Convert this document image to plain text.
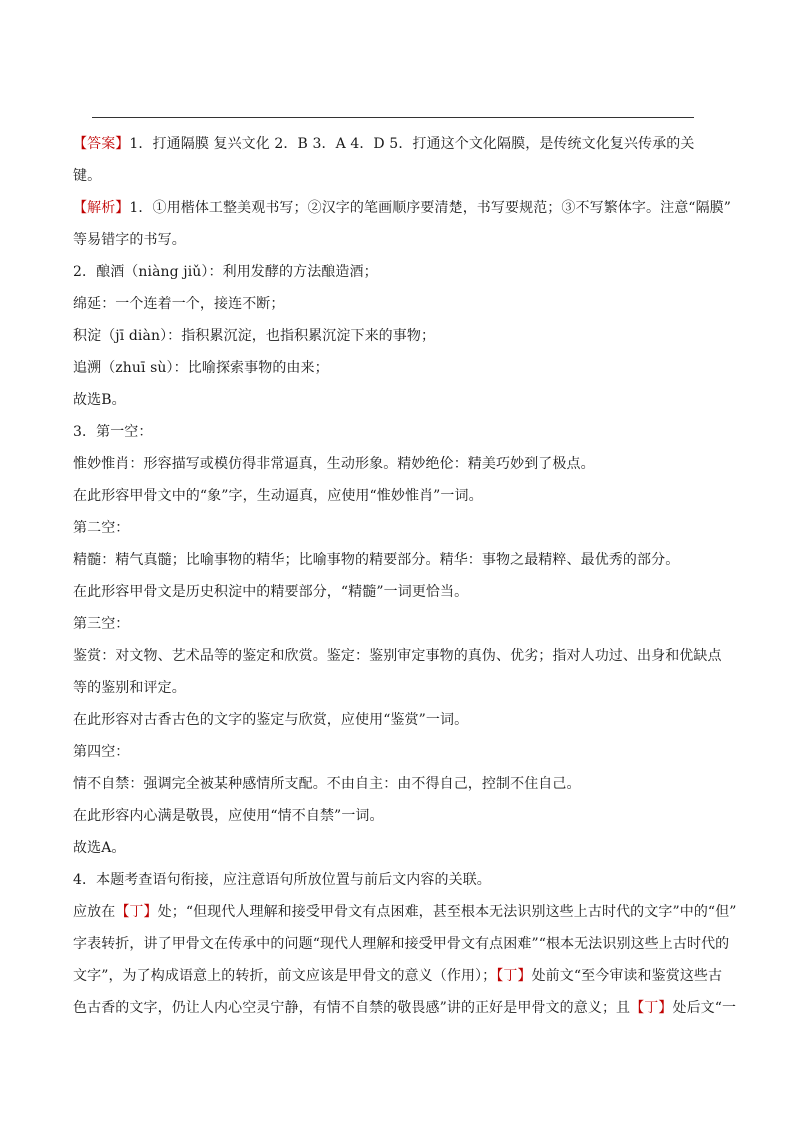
【答案】1．打通隔膜 复兴文化 2．B 3．A 4．D 5．打通这个文化隔膜，是传统文化复兴传承的关
键。
【解析】1．①用楷体工整美观书写；②汉字的笔画顺序要清楚，书写要规范；③不写繁体字。注意“隔膜”
等易错字的书写。
2．酿酒（niàng jiǔ）：利用发酵的方法酿造酒；
绵延：一个连着一个，接连不断；
积淀（jī diàn）：指积累沉淀，也指积累沉淀下来的事物；
追溯（zhuī sù）：比喻探索事物的由来；
故选B。
3．第一空：
惟妙惟肖：形容描写或模仿得非常逼真，生动形象。精妙绝伦：精美巧妙到了极点。
在此形容甲骨文中的“象”字，生动逼真，应使用“惟妙惟肖”一词。
第二空：
精髓：精气真髓；比喻事物的精华；比喻事物的精要部分。精华：事物之最精粹、最优秀的部分。
在此形容甲骨文是历史积淀中的精要部分，“精髓”一词更恰当。
第三空：
鉴赏：对文物、艺术品等的鉴定和欣赏。鉴定：鉴别审定事物的真伪、优劣；指对人功过、出身和优缺点
等的鉴别和评定。
在此形容对古香古色的文字的鉴定与欣赏，应使用“鉴赏”一词。
第四空：
情不自禁：强调完全被某种感情所支配。不由自主：由不得自己，控制不住自己。
在此形容内心满是敬畏，应使用“情不自禁”一词。
故选A。
4．本题考查语句衔接，应注意语句所放位置与前后文内容的关联。
应放在【丁】处；“但现代人理解和接受甲骨文有点困难，甚至根本无法识别这些上古时代的文字”中的“但”
字表转折，讲了甲骨文在传承中的问题“现代人理解和接受甲骨文有点困难”“根本无法识别这些上古时代的
文字”，为了构成语意上的转折，前文应该是甲骨文的意义（作用）；【丁】处前文“至今审读和鉴赏这些古
色古香的文字，仍让人内心空灵宁静，有情不自禁的敬畏感”讲的正好是甲骨文的意义；且【丁】处后文“一
